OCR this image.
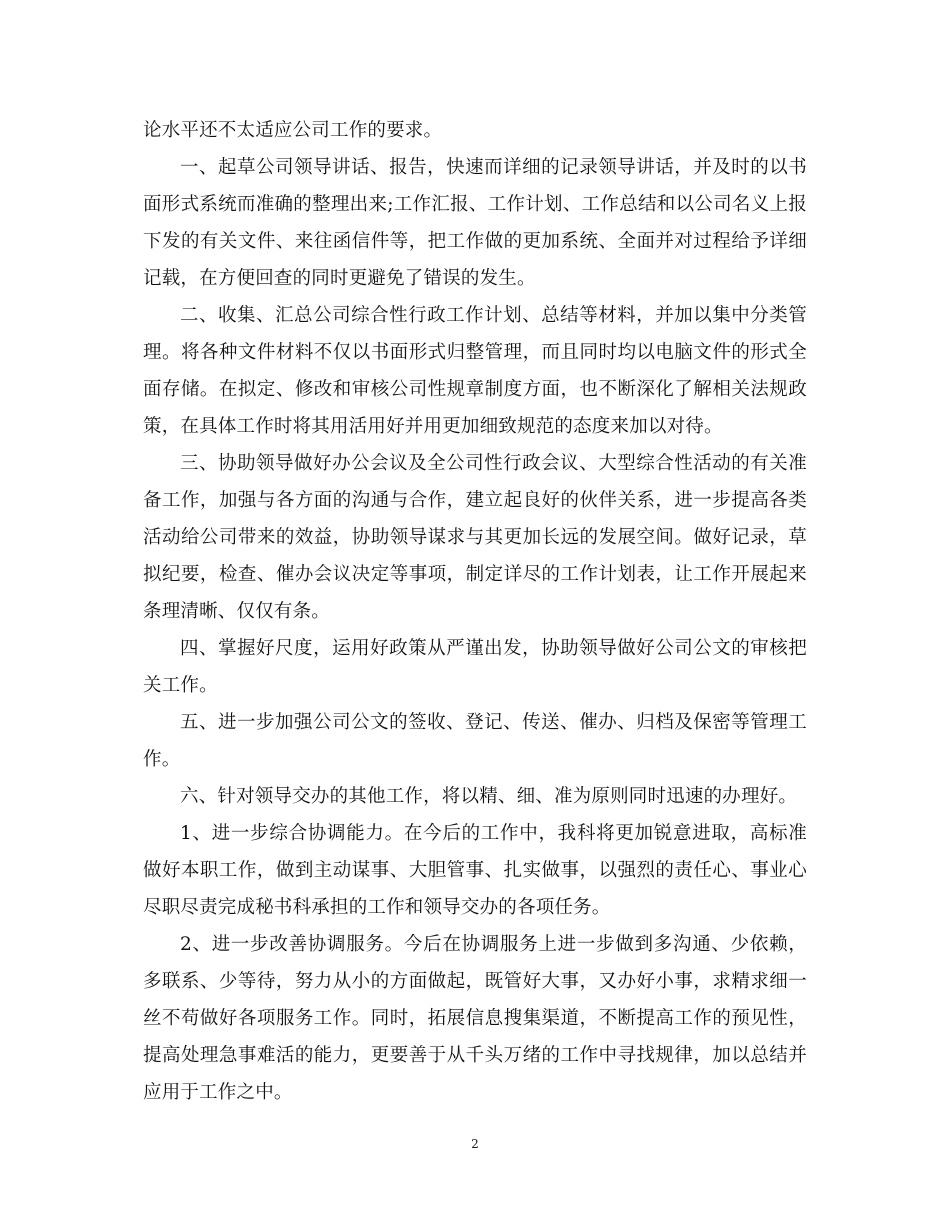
论水平还不太适应公司工作的要求。

一、起草公司领导讲话、报告，快速而详细的记录领导讲话，并及时的以书面形式系统而准确的整理出来;工作汇报、工作计划、工作总结和以公司名义上报下发的有关文件、来往函信件等，把工作做的更加系统、全面并对过程给予详细记载，在方便回查的同时更避免了错误的发生。

二、收集、汇总公司综合性行政工作计划、总结等材料，并加以集中分类管理。将各种文件材料不仅以书面形式归整管理，而且同时均以电脑文件的形式全面存储。在拟定、修改和审核公司性规章制度方面，也不断深化了解相关法规政策，在具体工作时将其用活用好并用更加细致规范的态度来加以对待。

三、协助领导做好办公会议及全公司性行政会议、大型综合性活动的有关准备工作，加强与各方面的沟通与合作，建立起良好的伙伴关系，进一步提高各类活动给公司带来的效益，协助领导谋求与其更加长远的发展空间。做好记录，草拟纪要，检查、催办会议决定等事项，制定详尽的工作计划表，让工作开展起来条理清晰、仅仅有条。

四、掌握好尺度，运用好政策从严谨出发，协助领导做好公司公文的审核把关工作。

五、进一步加强公司公文的签收、登记、传送、催办、归档及保密等管理工作。

六、针对领导交办的其他工作，将以精、细、准为原则同时迅速的办理好。

1、进一步综合协调能力。在今后的工作中，我科将更加锐意进取，高标准做好本职工作，做到主动谋事、大胆管事、扎实做事，以强烈的责任心、事业心尽职尽责完成秘书科承担的工作和领导交办的各项任务。

2、进一步改善协调服务。今后在协调服务上进一步做到多沟通、少依赖，多联系、少等待，努力从小的方面做起，既管好大事，又办好小事，求精求细一丝不苟做好各项服务工作。同时，拓展信息搜集渠道，不断提高工作的预见性，提高处理急事难活的能力，更要善于从千头万绪的工作中寻找规律，加以总结并应用于工作之中。

2
